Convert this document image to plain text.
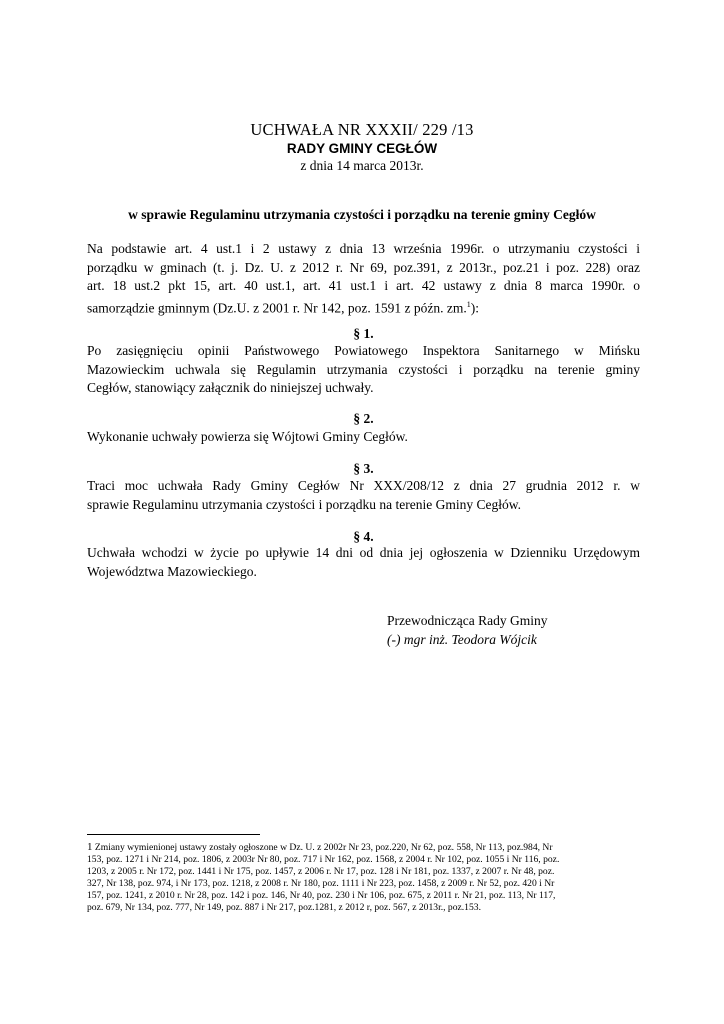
UCHWAŁA NR XXXII/ 229 /13
RADY GMINY CEGŁÓW
z dnia 14 marca 2013r.
w sprawie Regulaminu utrzymania czystości i porządku na terenie gminy Cegłów
Na podstawie art. 4 ust.1 i 2 ustawy z dnia 13 września 1996r. o utrzymaniu czystości i
porządku w gminach (t. j. Dz. U. z 2012 r. Nr 69, poz.391, z 2013r., poz.21 i poz. 228) oraz
art. 18 ust.2 pkt 15, art. 40 ust.1, art. 41 ust.1 i art. 42 ustawy z dnia 8 marca 1990r. o
samorządzie gminnym (Dz.U. z 2001 r. Nr 142, poz. 1591 z późn. zm.$^1$):
§ 1.
Po zasięgnięciu opinii Państwowego Powiatowego Inspektora Sanitarnego w Mińsku
Mazowieckim uchwala się Regulamin utrzymania czystości i porządku na terenie gminy
Cegłów, stanowiący załącznik do niniejszej uchwały.
§ 2.
Wykonanie uchwały powierza się Wójtowi Gminy Cegłów.
§ 3.
Traci moc uchwała Rady Gminy Cegłów Nr XXX/208/12 z dnia 27 grudnia 2012 r. w
sprawie Regulaminu utrzymania czystości i porządku na terenie Gminy Cegłów.
§ 4.
Uchwała wchodzi w życie po upływie 14 dni od dnia jej ogłoszenia w Dzienniku Urzędowym
Województwa Mazowieckiego.
Przewodnicząca Rady Gminy
(-) mgr inż. Teodora Wójcik
1 Zmiany wymienionej ustawy zostały ogłoszone w Dz. U. z 2002r Nr 23, poz.220, Nr 62, poz. 558, Nr 113, poz.984, Nr
153, poz. 1271 i Nr 214, poz. 1806, z 2003r Nr 80, poz. 717 i Nr 162, poz. 1568, z 2004 r. Nr 102, poz. 1055 i Nr 116, poz.
1203, z 2005 r. Nr 172, poz. 1441 i Nr 175, poz. 1457, z 2006 r. Nr 17, poz. 128 i Nr 181, poz. 1337, z 2007 r. Nr 48, poz.
327, Nr 138, poz. 974, i Nr 173, poz. 1218, z 2008 r. Nr 180, poz. 1111 i Nr 223, poz. 1458, z 2009 r. Nr 52, poz. 420 i Nr
157, poz. 1241, z 2010 r. Nr 28, poz. 142 i poz. 146, Nr 40, poz. 230 i Nr 106, poz. 675, z 2011 r. Nr 21, poz. 113, Nr 117,
poz. 679, Nr 134, poz. 777, Nr 149, poz. 887 i Nr 217, poz.1281, z 2012 r, poz. 567, z 2013r., poz.153.
